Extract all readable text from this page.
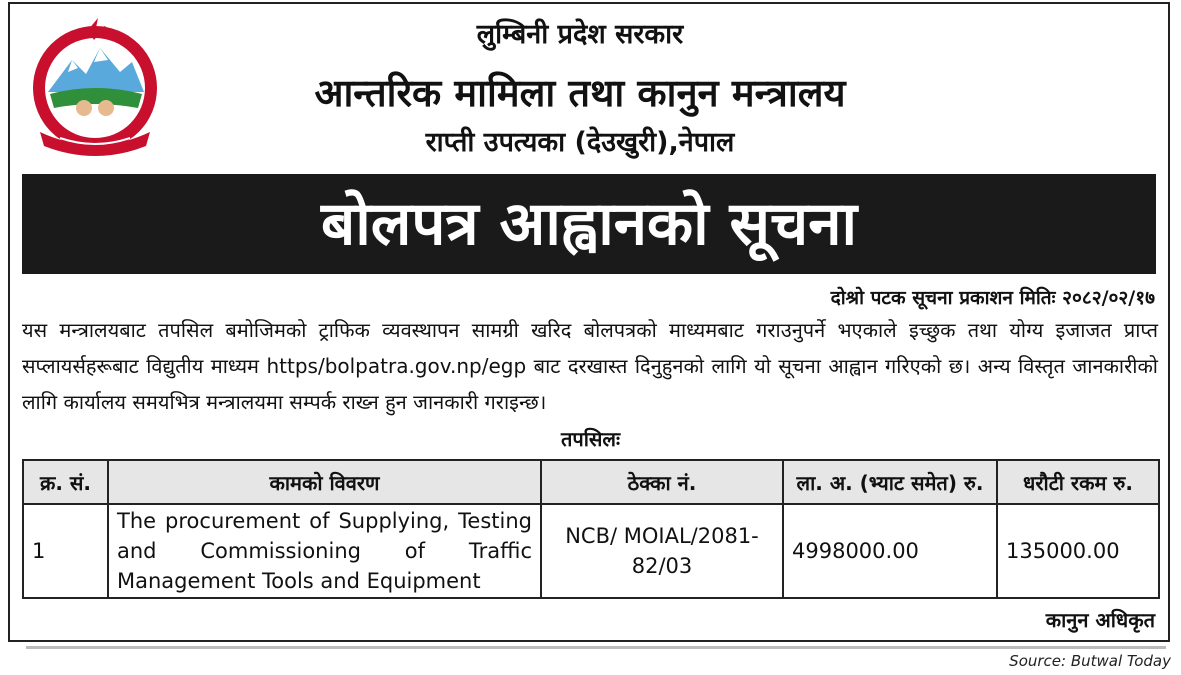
लुम्बिनी प्रदेश सरकार
आन्तरिक मामिला तथा कानुन मन्त्रालय
राप्ती उपत्यका (देउखुरी),नेपाल
बोलपत्र आह्वानको सूचना
दोश्रो पटक सूचना प्रकाशन मितिः २०८२/०२/१७
यस मन्त्रालयबाट तपसिल बमोजिमको ट्राफिक व्यवस्थापन सामग्री खरिद बोलपत्रको माध्यमबाट गराउनुपर्ने भएकाले इच्छुक तथा योग्य इजाजत प्राप्त सप्लायर्सहरूबाट विद्युतीय माध्यम https/bolpatra.gov.np/egp बाट दरखास्त दिनुहुनको लागि यो सूचना आह्वान गरिएको छ। अन्य विस्तृत जानकारीको लागि कार्यालय समयभित्र मन्त्रालयमा सम्पर्क राख्न हुन जानकारी गराइन्छ।
तपसिलः
क्र. सं.	कामको विवरण	ठेक्का नं.	ला. अ. (भ्याट समेत) रु.	धरौटी रकम रु.
1	The procurement of Supplying, Testing and Commissioning of Traffic Management Tools and Equipment	NCB/ MOIAL/2081-82/03	4998000.00	135000.00
कानुन अधिकृत
Source: Butwal Today
